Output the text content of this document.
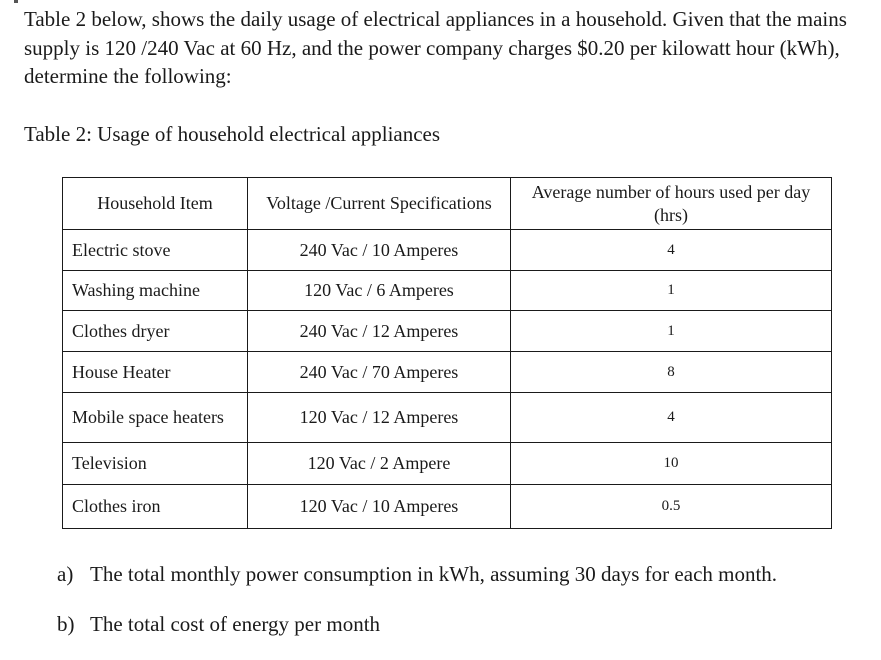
Table 2 below, shows the daily usage of electrical appliances in a household. Given that the mains supply is 120 /240 Vac at 60 Hz, and the power company charges $0.20 per kilowatt hour (kWh), determine the following:

Table 2: Usage of household electrical appliances

Household Item	Voltage /Current Specifications	Average number of hours used per day (hrs)
Electric stove	240 Vac / 10 Amperes	4
Washing machine	120 Vac / 6 Amperes	1
Clothes dryer	240 Vac / 12 Amperes	1
House Heater	240 Vac / 70 Amperes	8
Mobile space heaters	120 Vac / 12 Amperes	4
Television	120 Vac / 2 Ampere	10
Clothes iron	120 Vac / 10 Amperes	0.5
a) The total monthly power consumption in kWh, assuming 30 days for each month.
b) The total cost of energy per month
